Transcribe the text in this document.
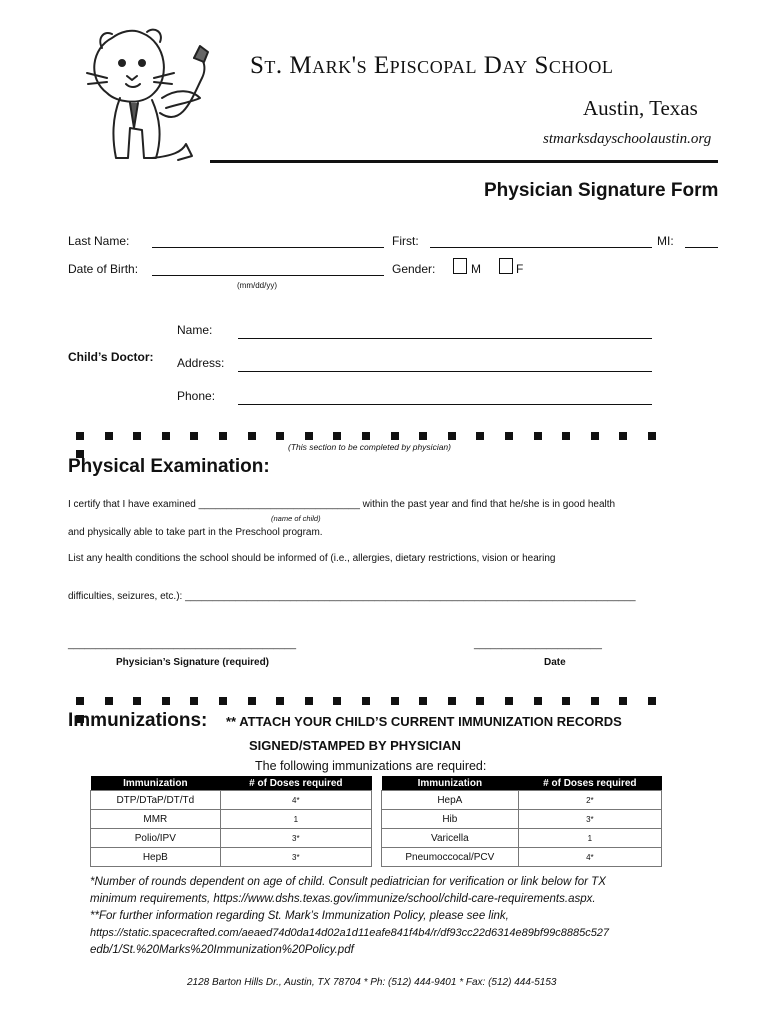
St. Mark's Episcopal Day School
Austin, Texas
stmarksdayschoolaustin.org
Physician Signature Form
Last Name:	First:	MI:
Date of Birth:
(mm/dd/yy)
Gender:	M	F
Child’s Doctor:
Name:
Address:
Phone:
(This section to be completed by physician)
Physical Examination:
I certify that I have examined _____________________________ within the past year and find that he/she is in good health
(name of child)
and physically able to take part in the Preschool program.
List any health conditions the school should be informed of (i.e., allergies, dietary restrictions, vision or hearing
difficulties, seizures, etc.): _________________________________________________________________________________
_________________________________________	_______________________
Physician’s Signature (required)	Date
Immunizations: ** ATTACH YOUR CHILD’S CURRENT IMMUNIZATION RECORDS
SIGNED/STAMPED BY PHYSICIAN
The following immunizations are required:
Immunization	# of Doses required
DTP/DTaP/DT/Td	4*
MMR	1
Polio/IPV	3*
HepB	3*
Immunization	# of Doses required
HepA	2*
Hib	3*
Varicella	1
Pneumoccocal/PCV	4*
*Number of rounds dependent on age of child. Consult pediatrician for verification or link below for TX
minimum requirements, https://www.dshs.texas.gov/immunize/school/child-care-requirements.aspx.
**For further information regarding St. Mark’s Immunization Policy, please see link,
https://static.spacecrafted.com/aeaed74d0da14d02a1d11eafe841f4b4/r/df93cc22d6314e89bf99c8885c527
edb/1/St.%20Marks%20Immunization%20Policy.pdf
2128 Barton Hills Dr., Austin, TX 78704 * Ph: (512) 444-9401 * Fax: (512) 444-5153
